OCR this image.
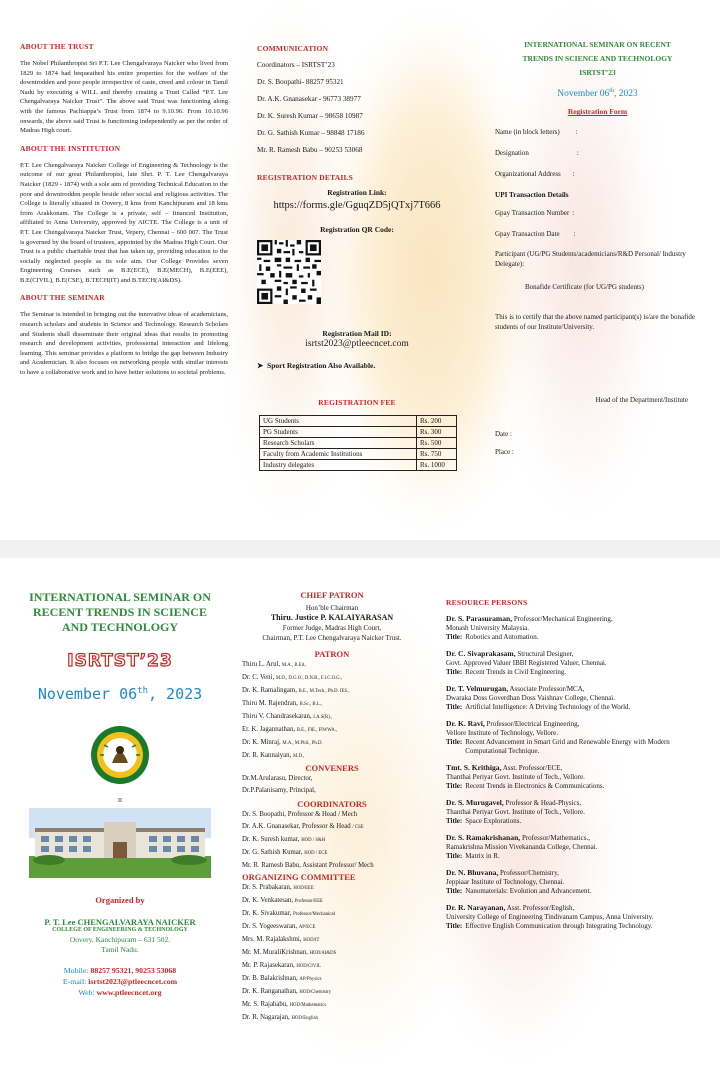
ABOUT THE TRUST

The Nobel Philanthropist Sri P.T. Lee Chengalvaraya Naicker who lived from 1829 to 1874 had bequeathed his entire properties for the welfare of the downtrodden and poor people irrespective of caste, creed and colour in Tamil Nadu by executing a WILL and thereby creating a Trust Called “P.T. Lee Chengalvaraya Naicker Trust”. The above said Trust was functioning along with the famous Pachiappa’s Trust from 1874 to 9.10.96. From 10.10.96 onwards, the above said Trust is functioning independently as per the order of Madras High court.

ABOUT THE INSTITUTION

P.T. Lee Chengalvaraya Naicker College of Engineering & Technology is the outcome of our great Philanthropist, late Shri. P. T. Lee Chengalvaraya Naicker (1829 - 1874) with a sole aim of providing Technical Education to the poor and downtrodden people beside other social and religious activities. The College is literally situated in Oovery, 8 kms from Kanchipuram and 18 kms from Arakkonam. The College is a private, self – financed Institution, affiliated to Anna University, approved by AICTE. The College is a unit of P.T. Lee Chengalvaraya Naicker Trust, Vepery, Chennai – 600 007. The Trust is governed by the board of trustees, appointed by the Madras High Court. Our Trust is a public charitable trust that has taken up, providing education to the socially neglected people as its sole aim. Our College Provides seven Engineering Courses such as B.E(ECE), B.E(MECH), B.E(EEE), B.E(CIVIL), B.E(CSE), B.TECH(IT) and B.TECH(AI&DS).

ABOUT THE SEMINAR

The Seminar is intended in bringing out the innovative ideas of academicians, research scholars and students in Science and Technology. Research Scholars and Students shall disseminate their original ideas that results in promoting research and development activities, professional interaction and lifelong learning. This seminar provides a platform to bridge the gap between Industry and Academician. It also focuses on networking people with similar interests to have a collaborative work and to have better solutions to societal problems.

COMMUNICATION
Coordinators – ISRTST’23
Dr. S. Boopathi- 88257 95321
Dr. A.K. Gnanasekar - 96773 38977
Dr. K. Suresh Kumar – 98658 10987
Dr. G. Sathish Kumar – 98848 17186
Mr. R. Ramesh Babu – 90253 53068
REGISTRATION DETAILS
Registration Link:
https://forms.gle/GguqZD5jQTxj7T666
Registration QR Code:
Registration Mail ID:
isrtst2023@ptleecncet.com
➤ Sport Registration Also Available.
REGISTRATION FEE
UG Students	Rs. 200
PG Students	Rs. 300
Research Scholars	Rs. 500
Faculty from Academic Institutions	Rs. 750
Industry delegates	Rs. 1000
INTERNATIONAL SEMINAR ON RECENT
TRENDS IN SCIENCE AND TECHNOLOGY
ISRTST’23
November 06th, 2023
Registration Form
Name (in block letters) :
Designation	:
Organizational Address :
UPI Transaction Details
Gpay Transaction Number :
Gpay Transaction Date :
Participant (UG/PG Students/academicians/R&D Personal/ Industry Delegate):
Bonafide Certificate (for UG/PG students)
This is to certify that the above named participant(s) is/are the bonafide students of our Institute/University.
Head of the Department/Institute
Date :
Place :
INTERNATIONAL SEMINAR ON RECENT TRENDS IN SCIENCE AND TECHNOLOGY
ISRTST’23
November 06th, 2023
II
Organized by
P. T. Lee CHENGALVARAYA NAICKER
COLLEGE OF ENGINEERING & TECHNOLOGY
Oovery, Kanchipuram – 631 502.
Tamil Nadu.
Mobile: 88257 95321, 90253 53068
E-mail: isrtst2023@ptleecncet.com
Web: www.ptleecncet.org
CHIEF PATRON
Hon’ble Chairman
Thiru. Justice P. KALAIYARASAN
Former Judge, Madras High Court,
Chairman, P.T. Lee Chengalvaraya Naicker Trust.
PATRON
Thiru L. Arul, M.A., B.Ed.,
Dr. C. Veni, M.D., D.G.O., D.N.B., F.I.C.O.G.,
Dr. K. Ramalingam, B.E., M.Tech., Ph.D. IES.,
Thiru M. Rajendran, B.Sc., B.L.,
Thiru V. Chandrasekaran, I.A.S(R).,
Er. K. Jagannathan, B.E., FIE., FIWWA.,
Dr. K. Minraj, M.A., M.Phil., Ph.D.
Dr. R. Kannaiyan, M.D.,
CONVENERS
Dr.M.Arularasu, Director,
Dr.P.Palanisamy, Principal,
COORDINATORS
Dr. S. Boopathi, Professor & Head / Mech
Dr. A.K. Gnanasekar, Professor & Head / CSE
Dr. K. Suresh kumar, HOD / S&H
Dr. G. Sathish Kumar, HOD / ECE
Mr. R. Ramesh Babu, Assistant Professor/ Mech
ORGANIZING COMMITTEE
Dr. S. Prabakaran, HOD/EEE
Dr. K. Venkatesan, Professor/EEE
Dr. K. Sivakumar, Professor/Mechanical
Dr. S. Yogeeswaran, AP/ECE
Mrs. M. Rajalakshmi, HOD/IT
Mr. M. MuraliKrishnan, HOD/AI&DS
Mr. P. Rajasekaran, HOD/CIVIL
Dr. B. Balakrishnan, AP/Physics
Dr. K. Ranganathan, HOD/Chemistry
Mr. S. Rajababu, HOD/Mathematics
Dr. R. Nagarajan, HOD/English
RESOURCE PERSONS
Dr. S. Parasuraman, Professor/Mechanical Engineering,
Monash University Malaysia.
Title: Robotics and Automation.
Dr. C. Sivaprakasam, Structural Designer,
Govt. Approved Valuer IBBI Registered Valuer, Chennai.
Title: Recent Trends in Civil Engineering.
Dr. T. Velmurugan, Associate Professor/MCA,
Dwaraka Doss Goverdhan Doss Vaishnav College, Chennai.
Title: Artificial Intelligence: A Driving Technology of the World.
Dr. K. Ravi, Professor/Electrical Engineering,
Vellore Institute of Technology, Vellore.
Title: Recent Advancement in Smart Grid and Renewable Energy with Modern Computational Technique.
Tmt. S. Krithiga, Asst. Professor/ECE,
Thanthai Periyar Govt. Institute of Tech., Vellore.
Title: Recent Trends in Electronics & Communications.
Dr. S. Murugavel, Professor & Head-Physics,
Thanthai Periyar Govt. Institute of Tech., Vellore.
Title: Space Explorations.
Dr. S. Ramakrishanan, Professor/Mathematics.,
Ramakrishna Mission Vivekananda College, Chennai.
Title: Matrix in R.
Dr. N. Bhuvana, Professor/Chemistry,
Jeppiaar Institute of Technology, Chennai.
Title: Nanomaterials: Evolution and Advancement.
Dr. R. Narayanan, Asst. Professor/English,
University College of Engineering Tindivanam Campus, Anna University.
Title: Effective English Communication through Integrating Technology.
